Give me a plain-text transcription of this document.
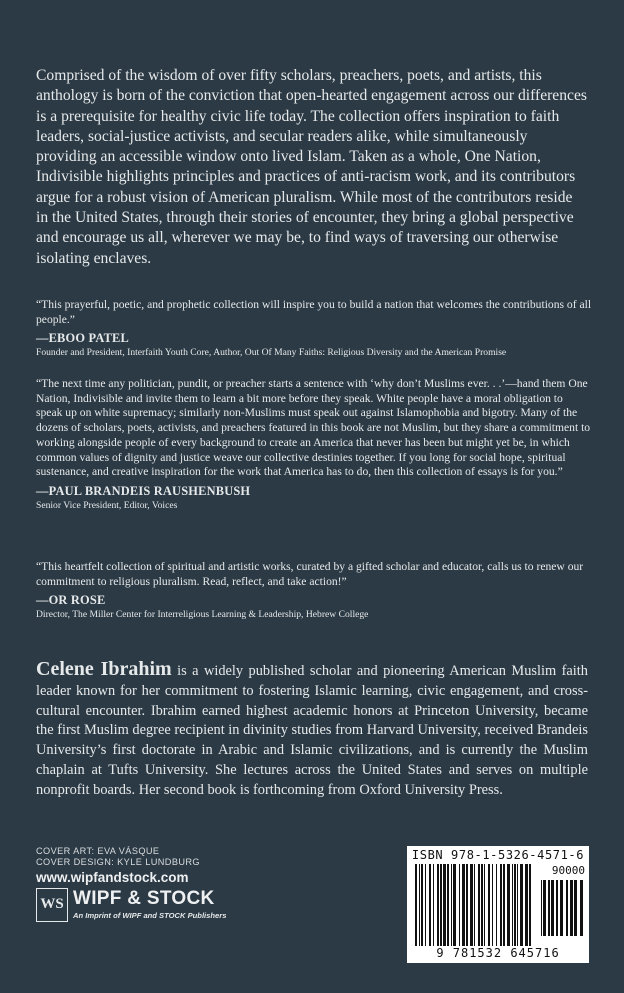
Comprised of the wisdom of over fifty scholars, preachers, poets, and artists, this anthology is born of the conviction that open-hearted engagement across our differences is a prerequisite for healthy civic life today. The collection offers inspiration to faith leaders, social-justice activists, and secular readers alike, while simultaneously providing an accessible window onto lived Islam. Taken as a whole, One Nation, Indivisible highlights principles and practices of anti-racism work, and its contributors argue for a robust vision of American pluralism. While most of the contributors reside in the United States, through their stories of encounter, they bring a global perspective and encourage us all, wherever we may be, to find ways of traversing our otherwise isolating enclaves.

“This prayerful, poetic, and prophetic collection will inspire you to build a nation that welcomes the contributions of all people.”

—EBOO PATEL

Founder and President, Interfaith Youth Core, Author, Out Of Many Faiths: Religious Diversity and the American Promise

“The next time any politician, pundit, or preacher starts a sentence with ‘why don’t Muslims ever. . .’—hand them One Nation, Indivisible and invite them to learn a bit more before they speak. White people have a moral obligation to speak up on white supremacy; similarly non-Muslims must speak out against Islamophobia and bigotry. Many of the dozens of scholars, poets, activists, and preachers featured in this book are not Muslim, but they share a commitment to working alongside people of every background to create an America that never has been but might yet be, in which common values of dignity and justice weave our collective destinies together. If you long for social hope, spiritual sustenance, and creative inspiration for the work that America has to do, then this collection of essays is for you.”

—PAUL BRANDEIS RAUSHENBUSH

Senior Vice President, Editor, Voices

“This heartfelt collection of spiritual and artistic works, curated by a gifted scholar and educator, calls us to renew our commitment to religious pluralism. Read, reflect, and take action!”

—OR ROSE

Director, The Miller Center for Interreligious Learning & Leadership, Hebrew College

Celene Ibrahim is a widely published scholar and pioneering American Muslim faith leader known for her commitment to fostering Islamic learning, civic engagement, and cross-cultural encounter. Ibrahim earned highest academic honors at Princeton University, became the first Muslim degree recipient in divinity studies from Harvard University, received Brandeis University’s first doctorate in Arabic and Islamic civilizations, and is currently the Muslim chaplain at Tufts University. She lectures across the United States and serves on multiple nonprofit boards. Her second book is forthcoming from Oxford University Press.

COVER ART: EVA VÁSQUE
COVER DESIGN: KYLE LUNDBURG
www.wipfandstock.com
WS WIPF & STOCK
An Imprint of WIPF and STOCK Publishers
ISBN 978-1-5326-4571-6
90000
9 781532 645716
